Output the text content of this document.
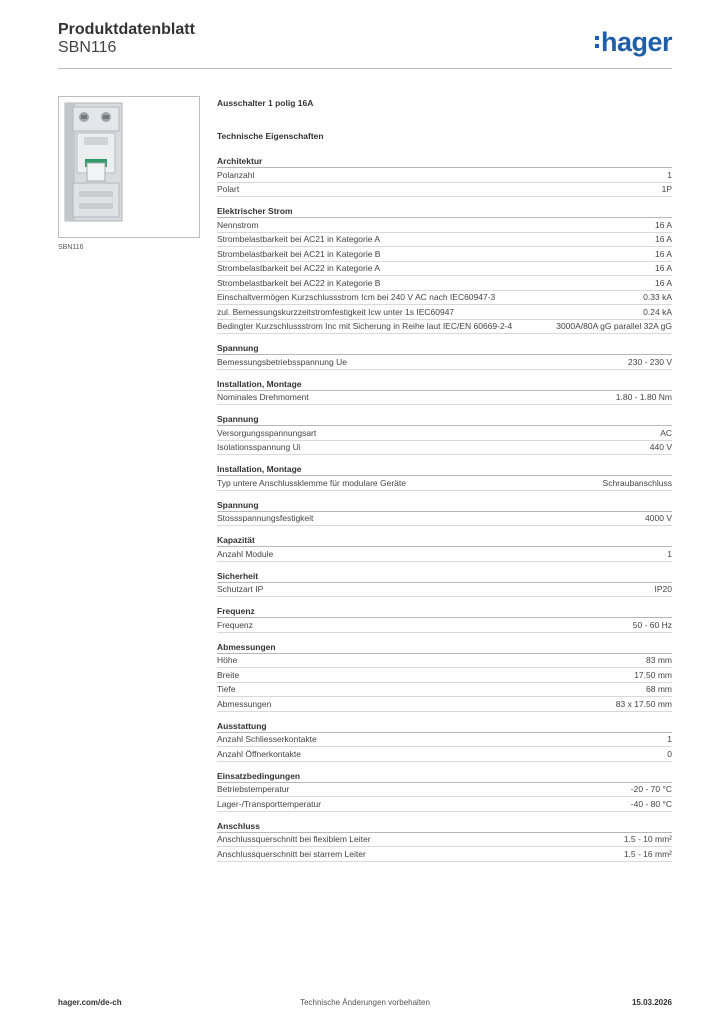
Produktdatenblatt
SBN116	hager
SBN116
Ausschalter 1 polig 16A
Technische Eigenschaften
Architektur
Polanzahl	1
Polart	1P
Elektrischer Strom
Nennstrom	16 A
Strombelastbarkeit bei AC21 in Kategorie A	16 A
Strombelastbarkeit bei AC21 in Kategorie B	16 A
Strombelastbarkeit bei AC22 in Kategorie A	16 A
Strombelastbarkeit bei AC22 in Kategorie B	16 A
Einschaltvermögen Kurzschlussstrom Icm bei 240 V AC nach IEC60947-3	0.33 kA
zul. Bemessungskurzzeitstromfestigkeit Icw unter 1s IEC60947	0.24 kA
Bedingter Kurzschlussstrom Inc mit Sicherung in Reihe laut IEC/EN 60669-2-4	3000A/80A gG parallel 32A gG
Spannung
Bemessungsbetriebsspannung Ue	230 - 230 V
Installation, Montage
Nominales Drehmoment	1.80 - 1.80 Nm
Spannung
Versorgungsspannungsart	AC
Isolationsspannung Ui	440 V
Installation, Montage
Typ untere Anschlussklemme für modulare Geräte	Schraubanschluss
Spannung
Stossspannungsfestigkeit	4000 V
Kapazität
Anzahl Module	1
Sicherheit
Schutzart IP	IP20
Frequenz
Frequenz	50 - 60 Hz
Abmessungen
Höhe	83 mm
Breite	17.50 mm
Tiefe	68 mm
Abmessungen	83 x 17.50 mm
Ausstattung
Anzahl Schliesserkontakte	1
Anzahl Öffnerkontakte	0
Einsatzbedingungen
Betriebstemperatur	-20 - 70 °C
Lager-/Transporttemperatur	-40 - 80 °C
Anschluss
Anschlussquerschnitt bei flexiblem Leiter	1.5 - 10 mm²
Anschlussquerschnitt bei starrem Leiter	1.5 - 16 mm²
hager.com/de-ch	Technische Änderungen vorbehalten	15.03.2026
